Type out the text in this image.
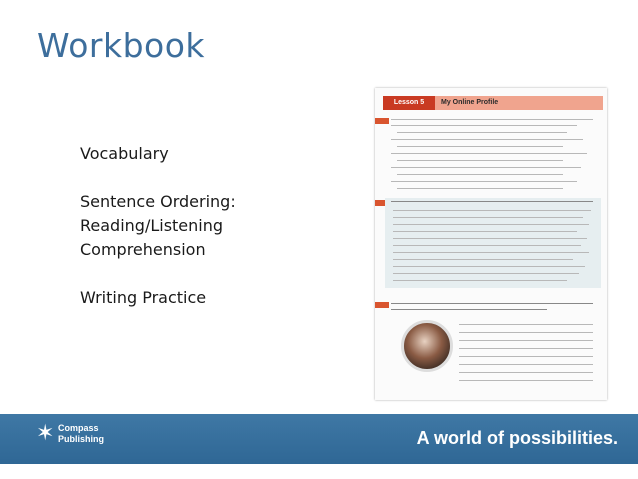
Workbook
Vocabulary
Sentence Ordering:
Reading/Listening
Comprehension
Writing Practice
Lesson 5	My Online Profile
✶ Compass
Publishing	A world of possibilities.
